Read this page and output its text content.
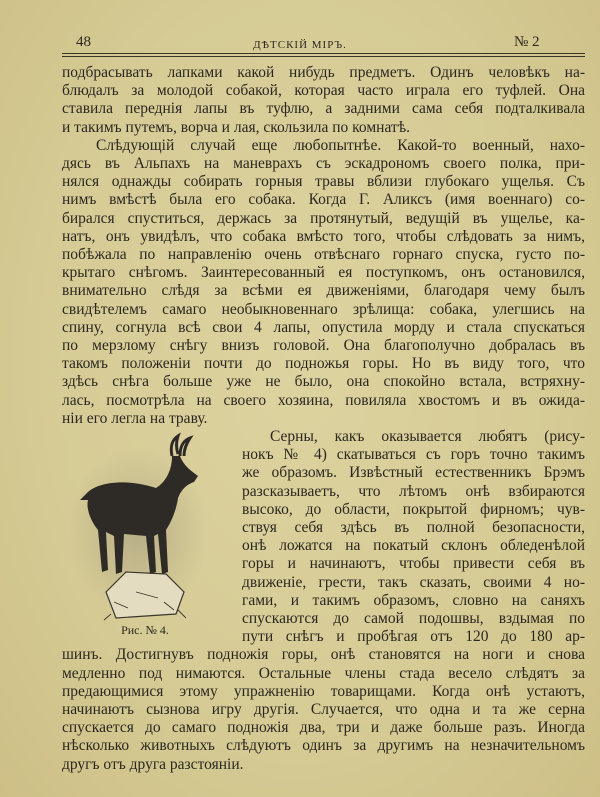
48	ДѢТСКIЙ МIРЪ.	№ 2
подбрасывать лапками какой нибудь предметъ. Одинъ человѣкъ на-
блюдалъ за молодой собакой, которая часто играла его туфлей. Она
ставила переднiя лапы въ туфлю, а задними сама себя подталкивала
и такимъ путемъ, ворча и лая, скользила по комнатѣ.
Слѣдующiй случай еще любопытнѣе. Какой-то военный, нахо-
дясь въ Альпахъ на маневрахъ съ эскадрономъ своего полка, при-
нялся однажды собирать горныя травы вблизи глубокаго ущелья. Съ
нимъ вмѣстѣ была его собака. Когда Г. Аликсъ (имя военнаго) со-
бирался спуститься, держась за протянутый, ведущiй въ ущелье, ка-
натъ, онъ увидѣлъ, что собака вмѣсто того, чтобы слѣдовать за нимъ,
побѣжала по направленiю очень отвѣснаго горнаго спуска, густо по-
крытаго снѣгомъ. Заинтересованный ея поступкомъ, онъ остановился,
внимательно слѣдя за всѣми ея движенiями, благодаря чему былъ
свидѣтелемъ самаго необыкновеннаго зрѣлища: собака, улегшись на
спину, согнула всѣ свои 4 лапы, опустила морду и стала спускаться
по мерзлому снѣгу внизъ головой. Она благополучно добралась въ
такомъ положенiи почти до подножья горы. Но въ виду того, что
здѣсь снѣга больше уже не было, она спокойно встала, встряхну-
лась, посмотрѣла на своего хозяина, повиляла хвостомъ и въ ожида-
нiи его легла на траву.
Серны, какъ оказывается любятъ (рису-
нокъ № 4) скатываться съ горъ точно такимъ
же образомъ. Извѣстный естественникъ Брэмъ
разсказываетъ, что лѣтомъ онѣ взбираются
высоко, до области, покрытой фирномъ; чув-
ствуя себя здѣсь въ полной безопасности,
онѣ ложатся на покатый склонъ обледенѣлой
горы и начинаютъ, чтобы привести себя въ
движенiе, грести, такъ сказать, своими 4 но-
гами, и такимъ образомъ, словно на саняхъ
спускаются до самой подошвы, вздымая по
пути снѣгъ и пробѣгая отъ 120 до 180 ар-
шинъ. Достигнувъ подножiя горы, онѣ становятся на ноги и снова
медленно под нимаются. Остальные члены стада весело слѣдятъ за
предающимися этому упражненiю товарищами. Когда онѣ устаютъ,
начинаютъ сызнова игру другiя. Случается, что одна и та же серна
спускается до самаго подножiя два, три и даже больше разъ. Иногда
нѣсколько животныхъ слѣдуютъ одинъ за другимъ на незначительномъ
другъ отъ друга разстоянiи.
Рис. № 4.
